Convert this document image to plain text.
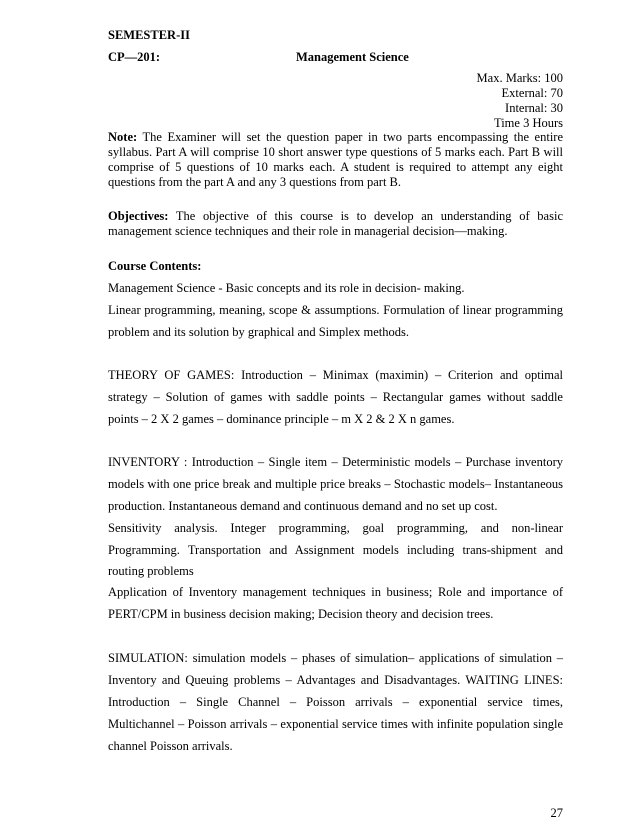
SEMESTER-II
CP—201:	Management Science
Max. Marks: 100
External: 70
Internal: 30
Time 3 Hours
Note: The Examiner will set the question paper in two parts encompassing the entire
syllabus. Part A will comprise 10 short answer type questions of 5 marks each. Part B will
comprise of 5 questions of 10 marks each. A student is required to attempt any eight
questions from the part A and any 3 questions from part B.
Objectives: The objective of this course is to develop an understanding of basic
management science techniques and their role in managerial decision—making.
Course Contents:
Management Science - Basic concepts and its role in decision- making.
Linear programming, meaning, scope & assumptions. Formulation of linear programming
problem and its solution by graphical and Simplex methods.
THEORY OF GAMES: Introduction – Minimax (maximin) – Criterion and optimal
strategy – Solution of games with saddle points – Rectangular games without saddle
points – 2 X 2 games – dominance principle – m X 2 & 2 X n games.
INVENTORY : Introduction – Single item – Deterministic models – Purchase inventory
models with one price break and multiple price breaks – Stochastic models– Instantaneous
production. Instantaneous demand and continuous demand and no set up cost.
Sensitivity analysis. Integer programming, goal programming, and non-linear
Programming. Transportation and Assignment models including trans-shipment and
routing problems
Application of Inventory management techniques in business; Role and importance of
PERT/CPM in business decision making; Decision theory and decision trees.
SIMULATION: simulation models – phases of simulation– applications of simulation –
Inventory and Queuing problems – Advantages and Disadvantages. WAITING LINES:
Introduction – Single Channel – Poisson arrivals – exponential service times,
Multichannel – Poisson arrivals – exponential service times with infinite population single
channel Poisson arrivals.
27
